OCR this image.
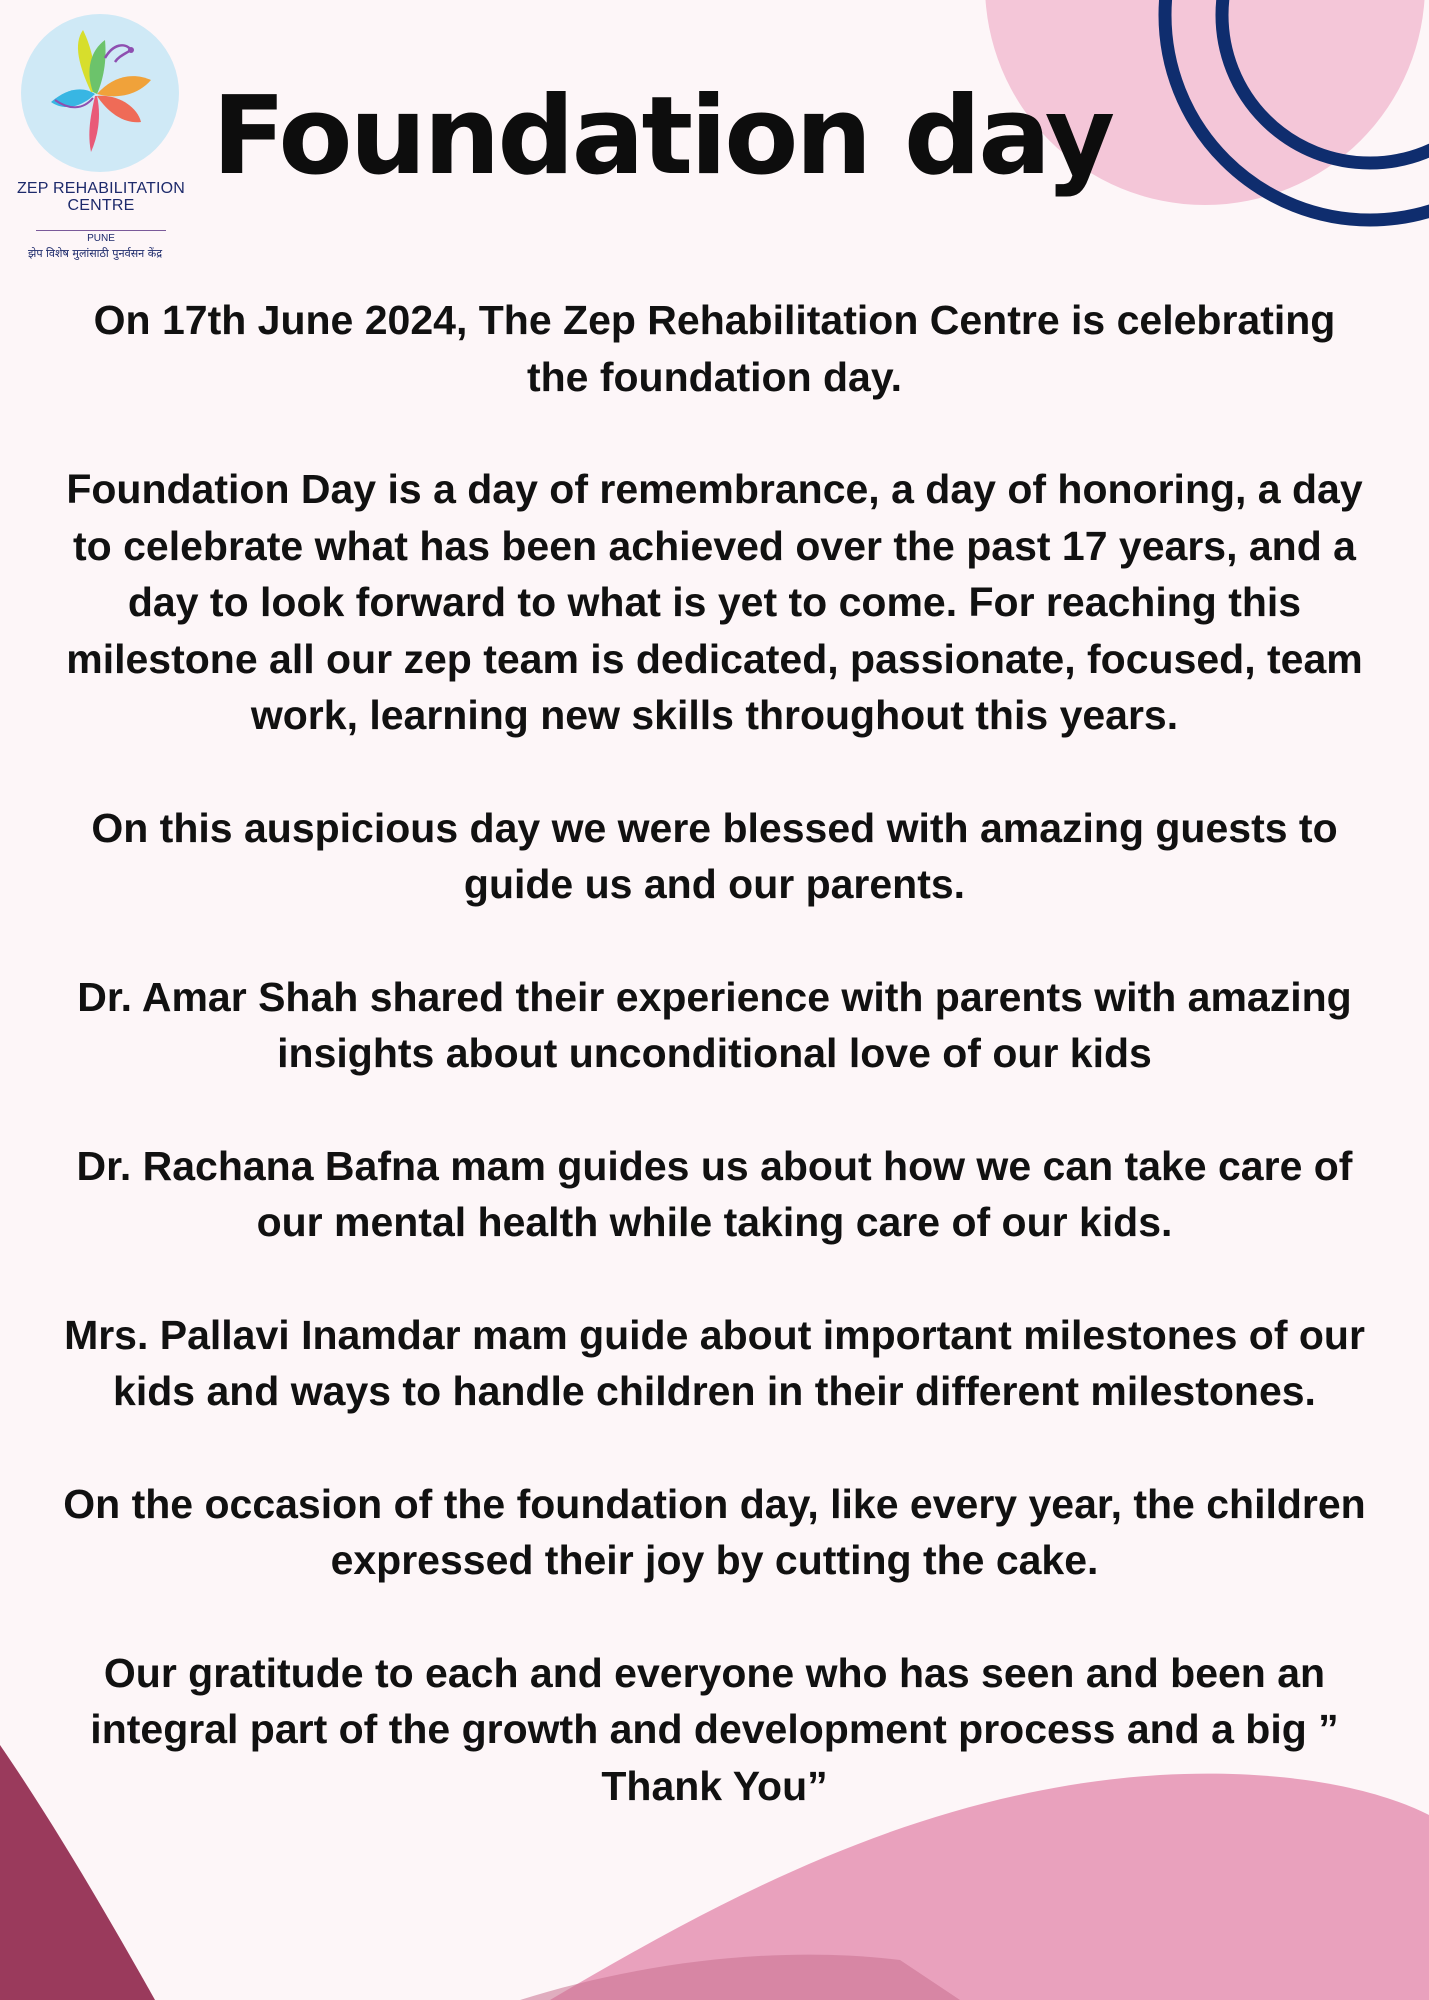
ZEP REHABILITATION CENTRE
PUNE
झेप विशेष मुलांसाठी पुनर्वसन केंद्र
Foundation day

On 17th June 2024, The Zep Rehabilitation Centre is celebrating the foundation day.

Foundation Day is a day of remembrance, a day of honoring, a day to celebrate what has been achieved over the past 17 years, and a day to look forward to what is yet to come. For reaching this milestone all our zep team is dedicated, passionate, focused, team work, learning new skills throughout this years.

On this auspicious day we were blessed with amazing guests to guide us and our parents.

Dr. Amar Shah shared their experience with parents with amazing insights about unconditional love of our kids

Dr. Rachana Bafna mam guides us about how we can take care of our mental health while taking care of our kids.

Mrs. Pallavi Inamdar mam guide about important milestones of our kids and ways to handle children in their different milestones.

On the occasion of the foundation day, like every year, the children expressed their joy by cutting the cake.

Our gratitude to each and everyone who has seen and been an integral part of the growth and development process and a big ” Thank You”
